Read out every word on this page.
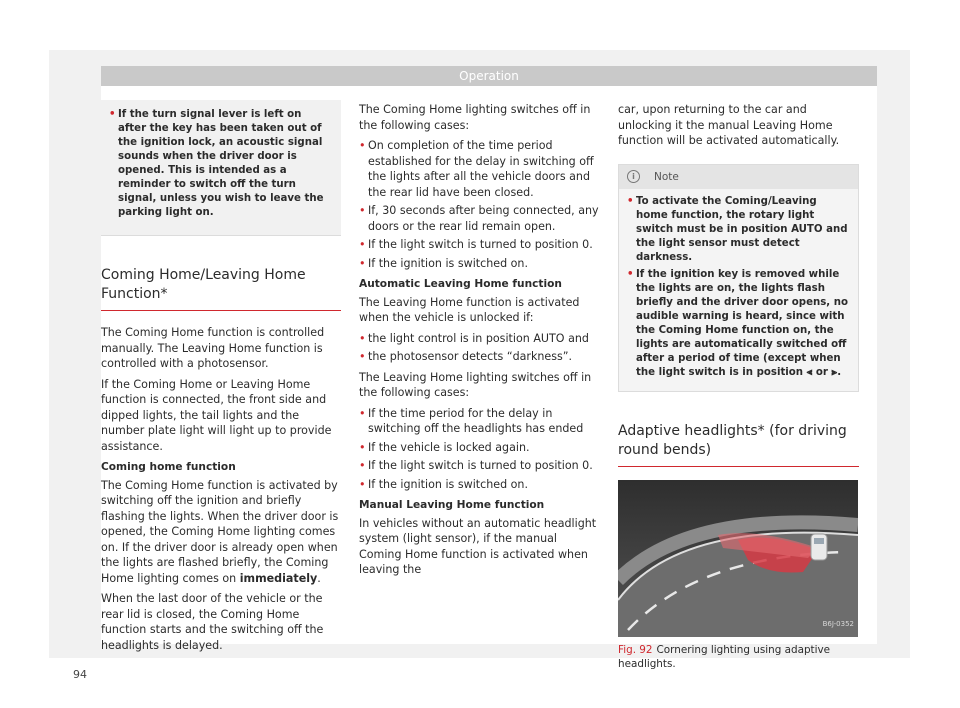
Operation
• If the turn signal lever is left on after the key has been taken out of the ignition lock, an acoustic signal sounds when the driver door is opened. This is intended as a reminder to switch off the turn signal, unless you wish to leave the parking light on.
Coming Home/Leaving Home Function*

The Coming Home function is controlled manually. The Leaving Home function is controlled with a photosensor.

If the Coming Home or Leaving Home function is connected, the front side and dipped lights, the tail lights and the number plate light will light up to provide assistance.

Coming home function

The Coming Home function is activated by switching off the ignition and briefly flashing the lights. When the driver door is opened, the Coming Home lighting comes on. If the driver door is already open when the lights are flashed briefly, the Coming Home lighting comes on immediately.

When the last door of the vehicle or the rear lid is closed, the Coming Home function starts and the switching off the headlights is delayed.

The Coming Home lighting switches off in the following cases:

• On completion of the time period established for the delay in switching off the lights after all the vehicle doors and the rear lid have been closed.
• If, 30 seconds after being connected, any doors or the rear lid remain open.
• If the light switch is turned to position 0.
• If the ignition is switched on.
Automatic Leaving Home function

The Leaving Home function is activated when the vehicle is unlocked if:

• the light control is in position AUTO and
• the photosensor detects “darkness”.

The Leaving Home lighting switches off in the following cases:

• If the time period for the delay in switching off the headlights has ended
• If the vehicle is locked again.
• If the light switch is turned to position 0.
• If the ignition is switched on.
Manual Leaving Home function

In vehicles without an automatic headlight system (light sensor), if the manual Coming Home function is activated when leaving the

car, upon returning to the car and unlocking it the manual Leaving Home function will be activated automatically.

i Note
• To activate the Coming/Leaving home function, the rotary light switch must be in position AUTO and the light sensor must detect darkness.
• If the ignition key is removed while the lights are on, the lights flash briefly and the driver door opens, no audible warning is heard, since with the Coming Home function on, the lights are automatically switched off after a period of time (except when the light switch is in position ⫷ or ⫸.
Adaptive headlights* (for driving round bends)
B6J-0352
Fig. 92 Cornering lighting using adaptive headlights.
94
